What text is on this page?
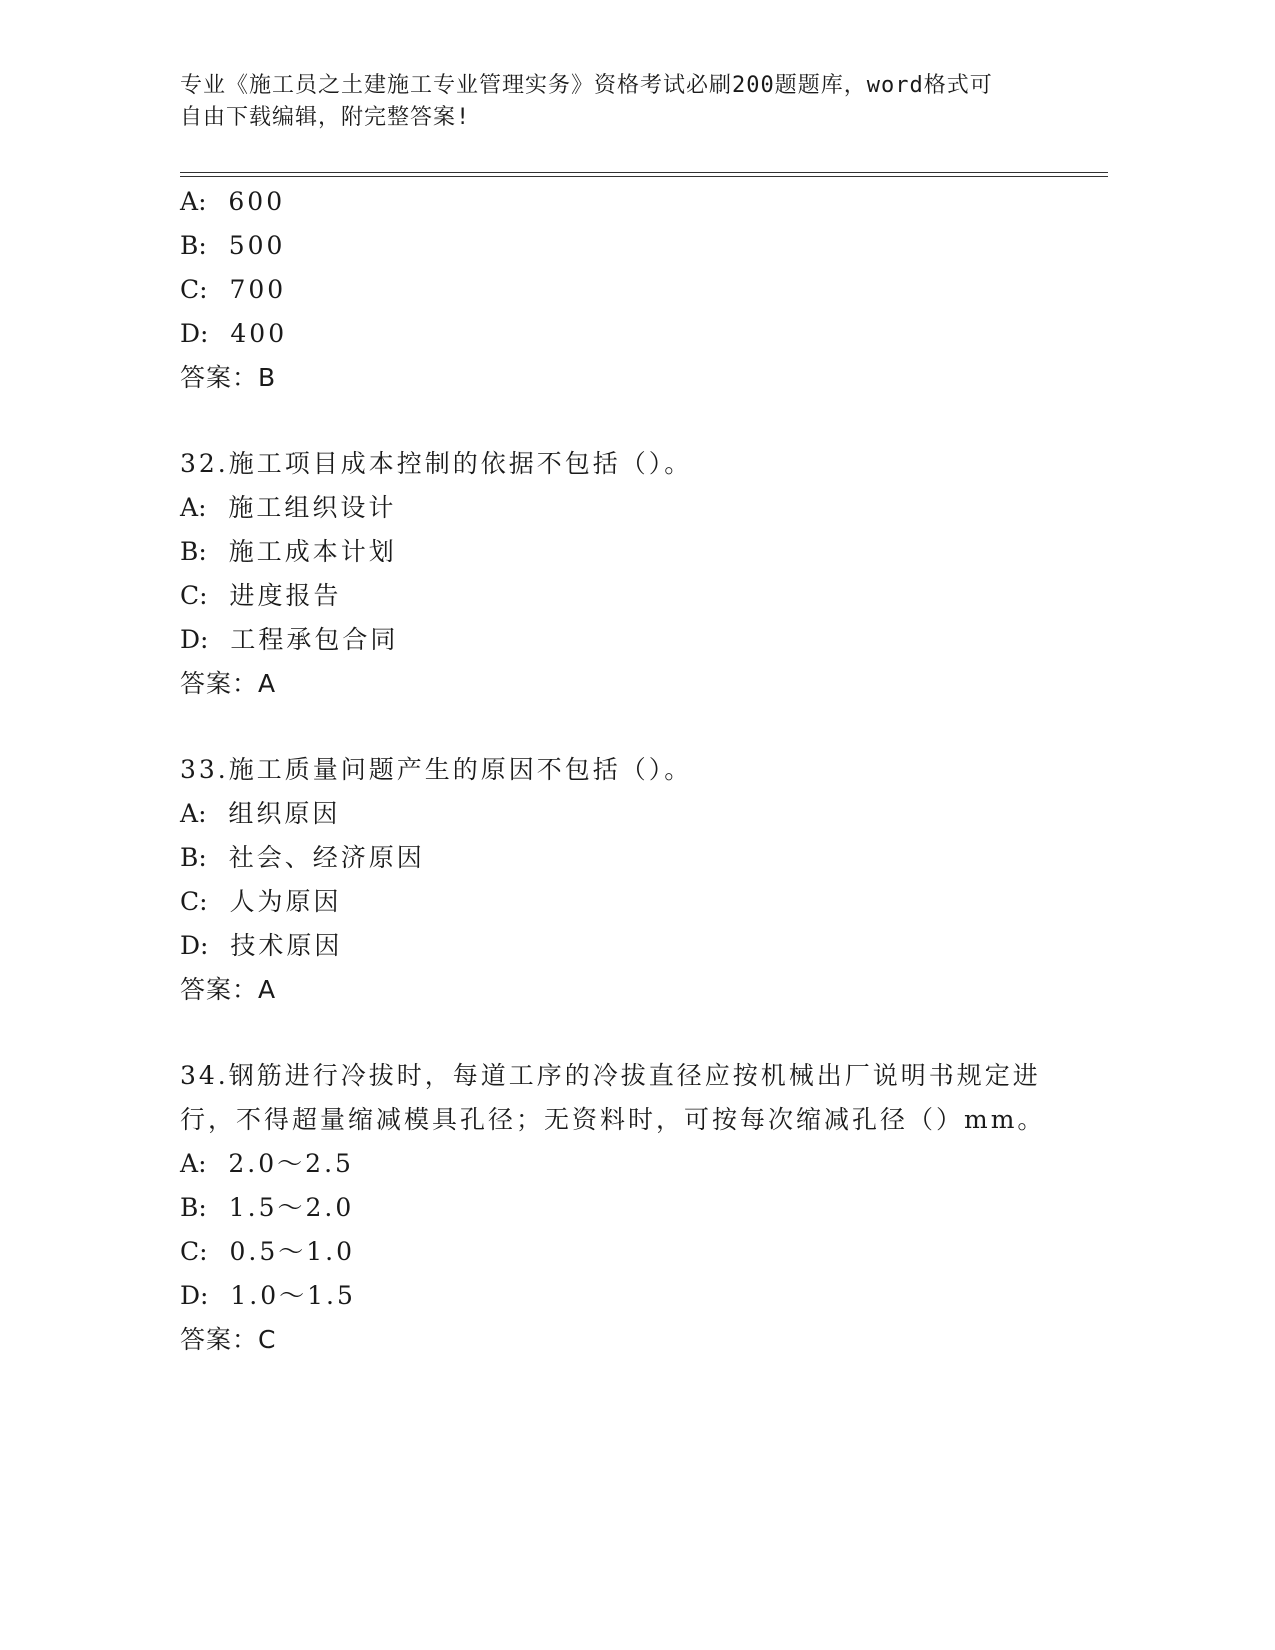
专业《施工员之土建施工专业管理实务》资格考试必刷200题题库，word格式可
自由下载编辑，附完整答案!
A: 600
B: 500
C: 700
D: 400
答案：B
32.施工项目成本控制的依据不包括（）。
A: 施工组织设计
B: 施工成本计划
C: 进度报告
D: 工程承包合同
答案：A
33.施工质量问题产生的原因不包括（）。
A: 组织原因
B: 社会、经济原因
C: 人为原因
D: 技术原因
答案：A
34.钢筋进行冷拔时，每道工序的冷拔直径应按机械出厂说明书规定进
行，不得超量缩减模具孔径；无资料时，可按每次缩减孔径（）mm。
A: 2.0～2.5
B: 1.5～2.0
C: 0.5～1.0
D: 1.0～1.5
答案：C
